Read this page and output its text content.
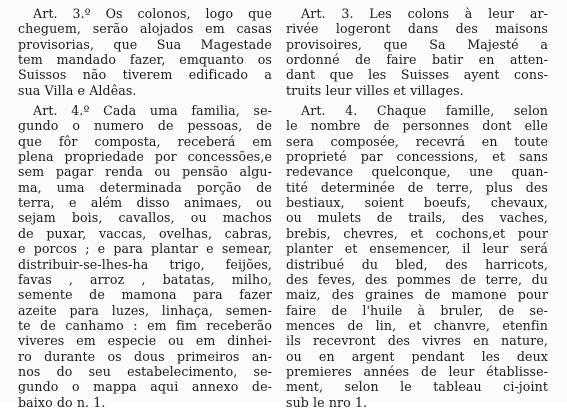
Art. 3.º Os colonos, logo que
cheguem, serão alojados em casas
provisorias, que Sua Magestade
tem mandado fazer, emquanto os
Suissos não tiverem edificado a
sua Villa e Aldêas.
Art. 4.º Cada uma familia, se-
gundo o numero de pessoas, de
que fôr composta, receberá em
plena propriedade por concessões,e
sem pagar renda ou pensão algu-
ma, uma determinada porção de
terra, e além disso animaes, ou
sejam bois, cavallos, ou machos
de puxar, vaccas, ovelhas, cabras,
e porcos ; e para plantar e semear,
distribuir-se-lhes-ha trigo, feijões,
favas , arroz , batatas, milho,
semente de mamona para fazer
azeite para luzes, linhaça, semen-
te de canhamo : em fim receberão
viveres em especie ou em dinhei-
ro durante os dous primeiros an-
nos do seu estabelecimento, se-
gundo o mappa aqui annexo de-
baixo do n. 1.
Art. 3. Les colons à leur ar-
rivée logeront dans des maisons
provisoires, que Sa Majesté a
ordonné de faire batir en atten-
dant que les Suisses ayent cons-
truits leur villes et villages.
Art. 4. Chaque famille, selon
le nombre de personnes dont elle
sera composée, recevrá en toute
proprieté par concessions, et sans
redevance quelconque, une quan-
tité determinée de terre, plus des
bestiaux, soient boeufs, chevaux,
ou mulets de trails, des vaches,
brebis, chevres, et cochons,et pour
planter et ensemencer, il leur será
distribué du bled, des harricots,
des feves, des pommes de terre, du
maiz, des graines de mamone pour
faire de l'huile à bruler, de se-
mences de lin, et chanvre, etenfin
ils recevront des vivres en nature,
ou en argent pendant les deux
premieres années de leur établisse-
ment, selon le tableau ci-joint
sub le nro 1.
